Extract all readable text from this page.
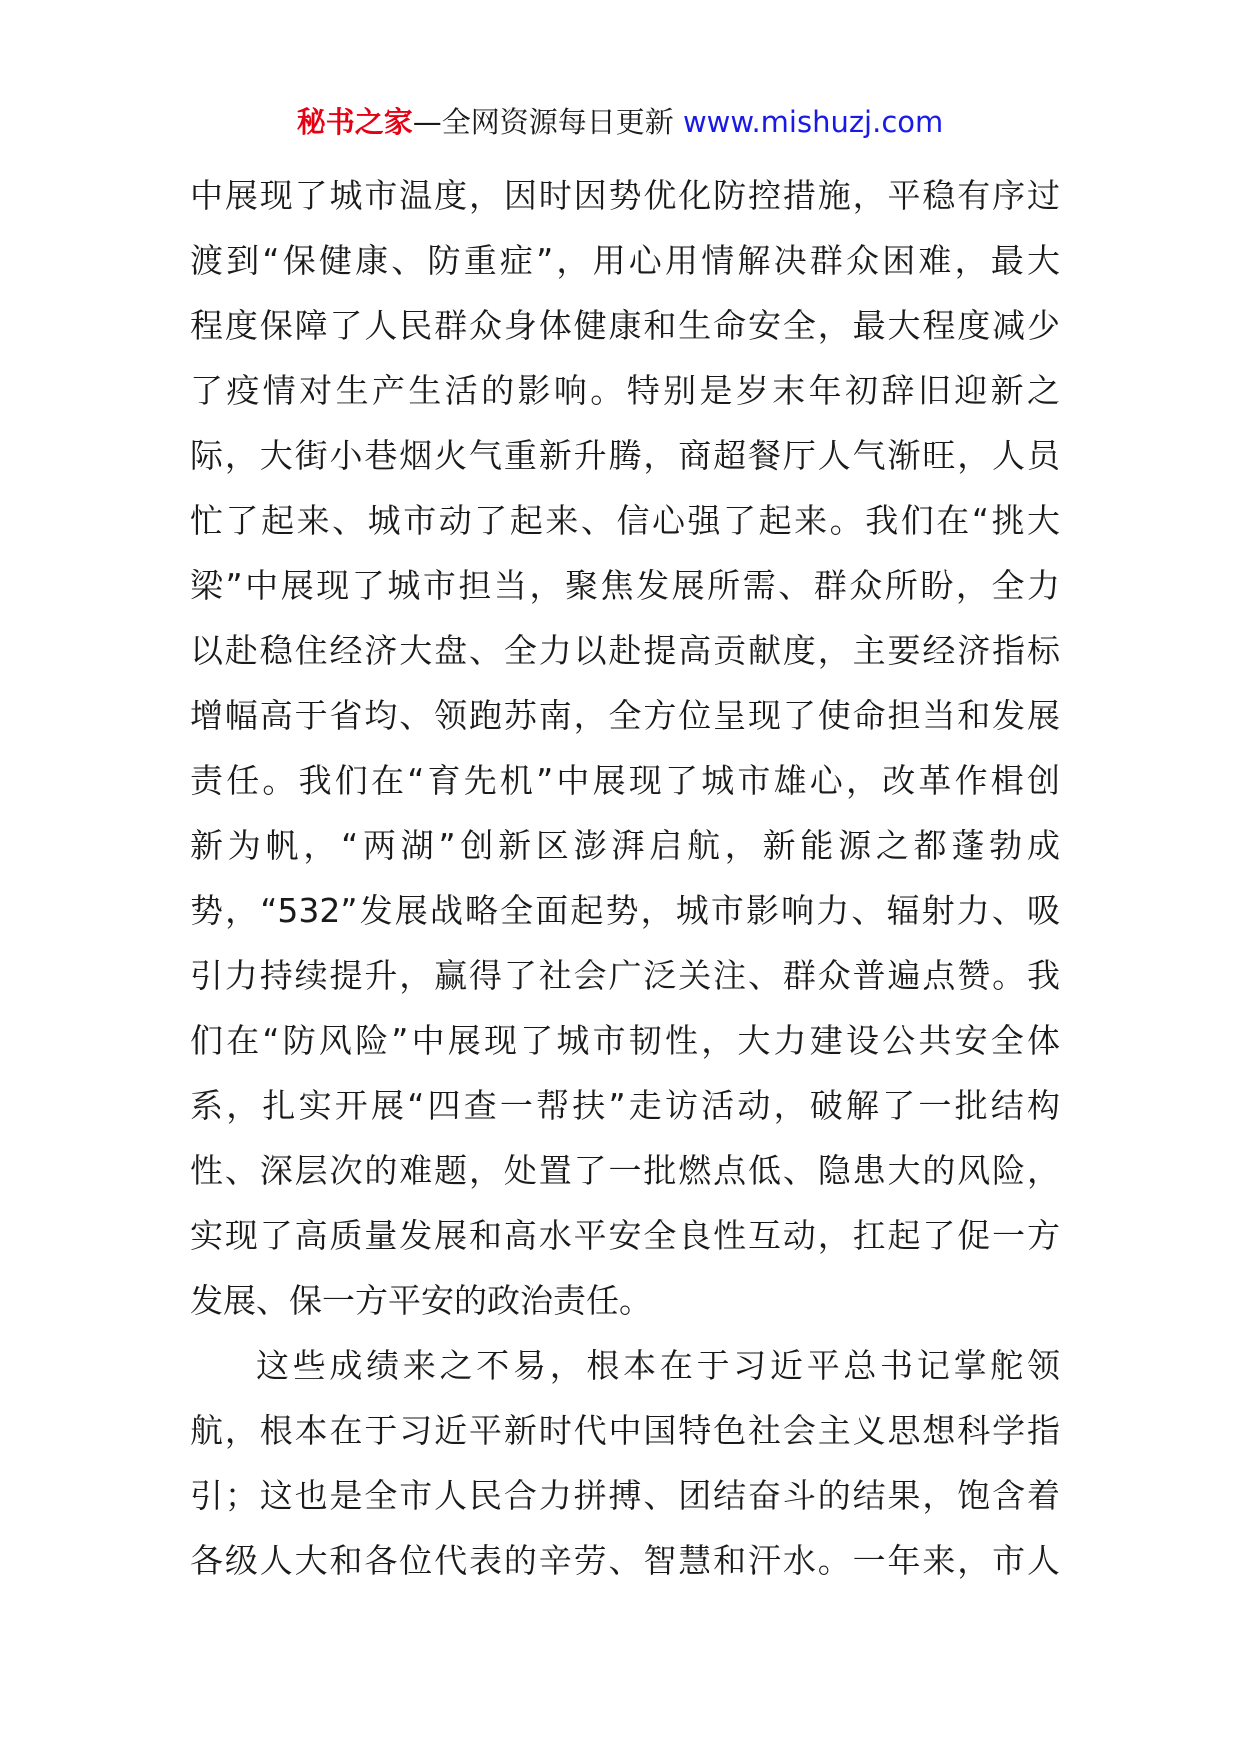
秘书之家—全网资源每日更新 www.mishuzj.com
中展现了城市温度，因时因势优化防控措施，平稳有序过
渡到“保健康、防重症”，用心用情解决群众困难，最大
程度保障了人民群众身体健康和生命安全，最大程度减少
了疫情对生产生活的影响。特别是岁末年初辞旧迎新之
际，大街小巷烟火气重新升腾，商超餐厅人气渐旺，人员
忙了起来、城市动了起来、信心强了起来。我们在“挑大
梁”中展现了城市担当，聚焦发展所需、群众所盼，全力
以赴稳住经济大盘、全力以赴提高贡献度，主要经济指标
增幅高于省均、领跑苏南，全方位呈现了使命担当和发展
责任。我们在“育先机”中展现了城市雄心，改革作楫创
新为帆，“两湖”创新区澎湃启航，新能源之都蓬勃成
势，“532”发展战略全面起势，城市影响力、辐射力、吸
引力持续提升，赢得了社会广泛关注、群众普遍点赞。我
们在“防风险”中展现了城市韧性，大力建设公共安全体
系，扎实开展“四查一帮扶”走访活动，破解了一批结构
性、深层次的难题，处置了一批燃点低、隐患大的风险，
实现了高质量发展和高水平安全良性互动，扛起了促一方
发展、保一方平安的政治责任。
这些成绩来之不易，根本在于习近平总书记掌舵领
航，根本在于习近平新时代中国特色社会主义思想科学指
引；这也是全市人民合力拼搏、团结奋斗的结果，饱含着
各级人大和各位代表的辛劳、智慧和汗水。一年来，市人
